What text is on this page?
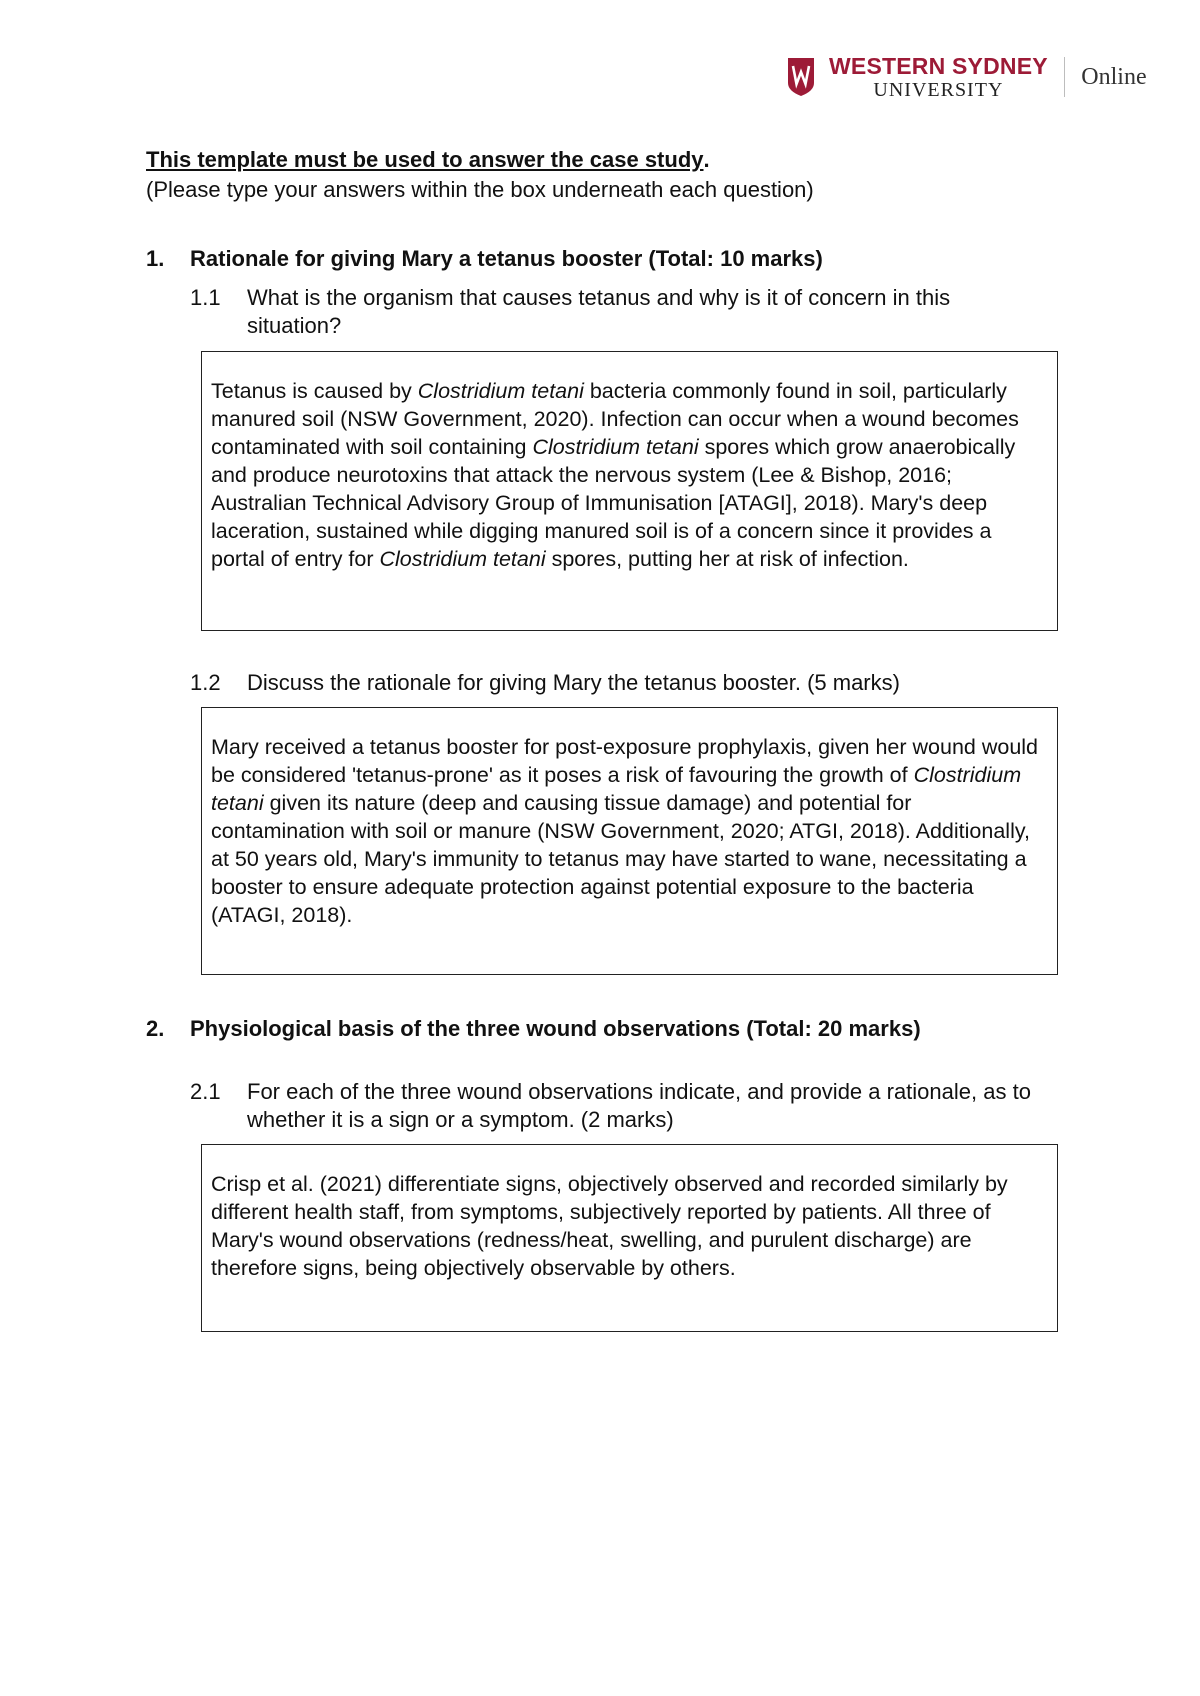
WESTERN SYDNEY
UNIVERSITY	Online
This template must be used to answer the case study.
(Please type your answers within the box underneath each question)
1. Rationale for giving Mary a tetanus booster (Total: 10 marks)
1.1 What is the organism that causes tetanus and why is it of concern in this situation?
Tetanus is caused by Clostridium tetani bacteria commonly found in soil, particularly manured soil (NSW Government, 2020). Infection can occur when a wound becomes contaminated with soil containing Clostridium tetani spores which grow anaerobically and produce neurotoxins that attack the nervous system (Lee & Bishop, 2016; Australian Technical Advisory Group of Immunisation [ATAGI], 2018). Mary's deep laceration, sustained while digging manured soil is of a concern since it provides a portal of entry for Clostridium tetani spores, putting her at risk of infection.
1.2 Discuss the rationale for giving Mary the tetanus booster. (5 marks)
Mary received a tetanus booster for post-exposure prophylaxis, given her wound would be considered 'tetanus-prone' as it poses a risk of favouring the growth of Clostridium tetani given its nature (deep and causing tissue damage) and potential for contamination with soil or manure (NSW Government, 2020; ATGI, 2018). Additionally, at 50 years old, Mary's immunity to tetanus may have started to wane, necessitating a booster to ensure adequate protection against potential exposure to the bacteria (ATAGI, 2018).
2. Physiological basis of the three wound observations (Total: 20 marks)
2.1 For each of the three wound observations indicate, and provide a rationale, as to whether it is a sign or a symptom. (2 marks)
Crisp et al. (2021) differentiate signs, objectively observed and recorded similarly by different health staff, from symptoms, subjectively reported by patients. All three of Mary's wound observations (redness/heat, swelling, and purulent discharge) are therefore signs, being objectively observable by others.
